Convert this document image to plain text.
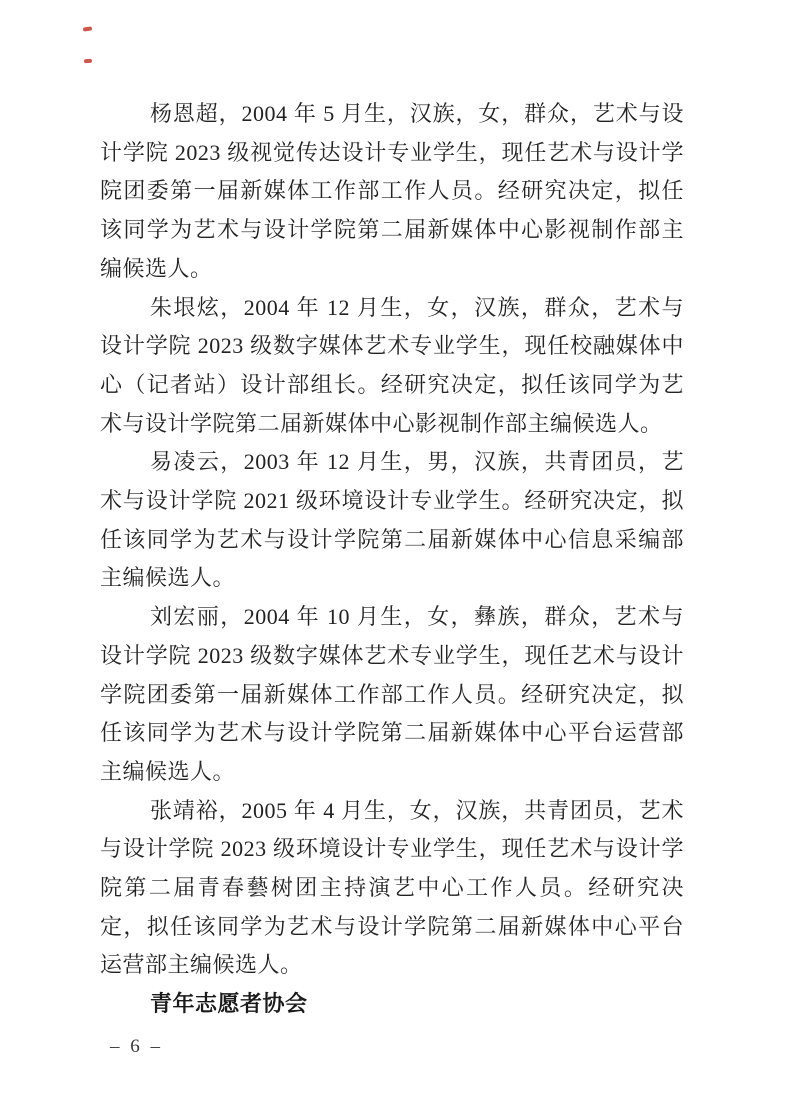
杨恩超，2004 年 5 月生，汉族，女，群众，艺术与设计学院 2023 级视觉传达设计专业学生，现任艺术与设计学院团委第一届新媒体工作部工作人员。经研究决定，拟任该同学为艺术与设计学院第二届新媒体中心影视制作部主编候选人。

朱垠炫，2004 年 12 月生，女，汉族，群众，艺术与设计学院 2023 级数字媒体艺术专业学生，现任校融媒体中心（记者站）设计部组长。经研究决定，拟任该同学为艺术与设计学院第二届新媒体中心影视制作部主编候选人。

易凌云，2003 年 12 月生，男，汉族，共青团员，艺术与设计学院 2021 级环境设计专业学生。经研究决定，拟任该同学为艺术与设计学院第二届新媒体中心信息采编部主编候选人。

刘宏丽，2004 年 10 月生，女，彝族，群众，艺术与设计学院 2023 级数字媒体艺术专业学生，现任艺术与设计学院团委第一届新媒体工作部工作人员。经研究决定，拟任该同学为艺术与设计学院第二届新媒体中心平台运营部主编候选人。

张靖裕，2005 年 4 月生，女，汉族，共青团员，艺术与设计学院 2023 级环境设计专业学生，现任艺术与设计学院第二届青春藝树团主持演艺中心工作人员。经研究决定，拟任该同学为艺术与设计学院第二届新媒体中心平台运营部主编候选人。

青年志愿者协会

– 6 –
